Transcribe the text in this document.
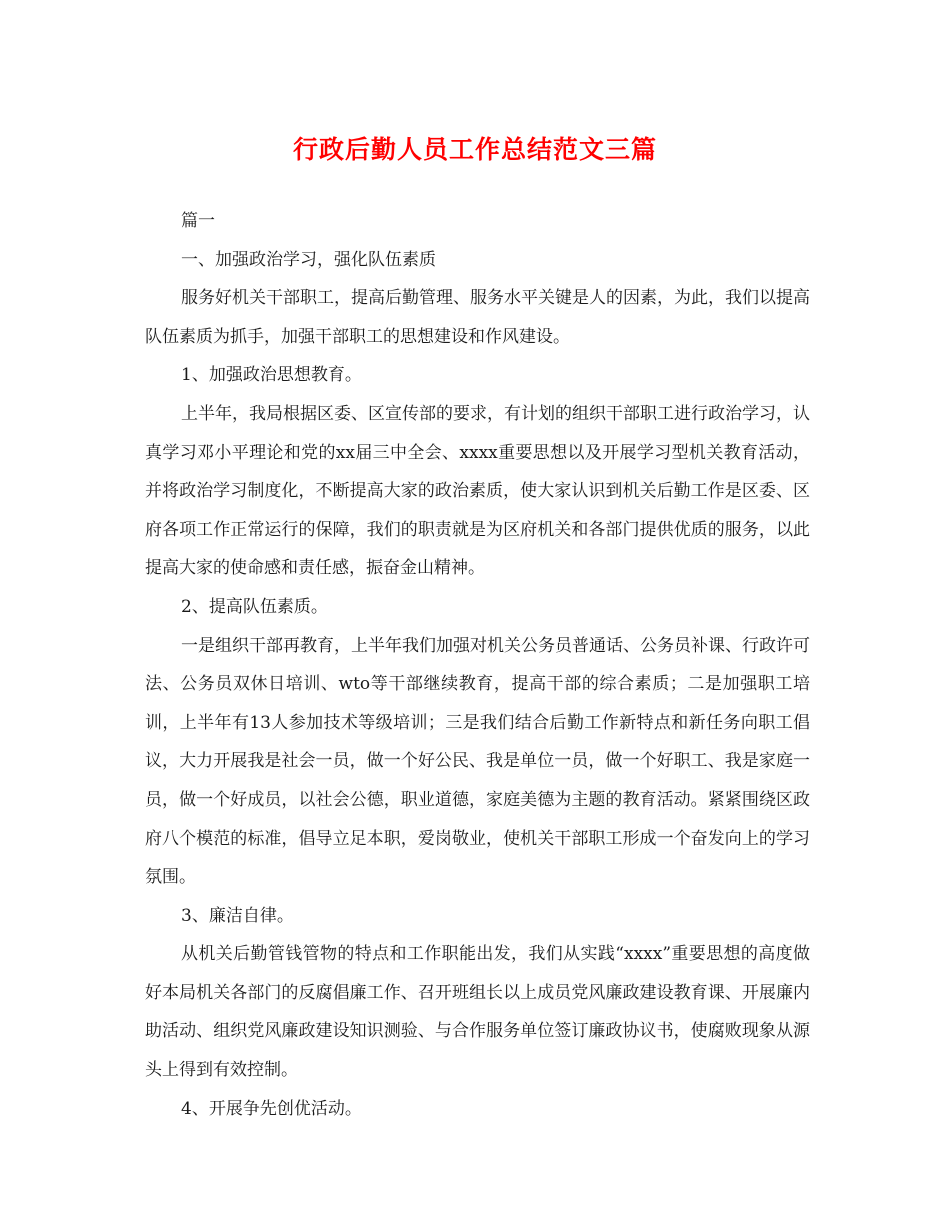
行政后勤人员工作总结范文三篇

篇一

一、加强政治学习，强化队伍素质

服务好机关干部职工，提高后勤管理、服务水平关键是人的因素，为此，我们以提高队伍素质为抓手，加强干部职工的思想建设和作风建设。

1、加强政治思想教育。

上半年，我局根据区委、区宣传部的要求，有计划的组织干部职工进行政治学习，认真学习邓小平理论和党的xx届三中全会、xxxx重要思想以及开展学习型机关教育活动，并将政治学习制度化，不断提高大家的政治素质，使大家认识到机关后勤工作是区委、区府各项工作正常运行的保障，我们的职责就是为区府机关和各部门提供优质的服务，以此提高大家的使命感和责任感，振奋金山精神。

2、提高队伍素质。

一是组织干部再教育，上半年我们加强对机关公务员普通话、公务员补课、行政许可法、公务员双休日培训、wto等干部继续教育，提高干部的综合素质；二是加强职工培训，上半年有13人参加技术等级培训；三是我们结合后勤工作新特点和新任务向职工倡议，大力开展我是社会一员，做一个好公民、我是单位一员，做一个好职工、我是家庭一员，做一个好成员，以社会公德，职业道德，家庭美德为主题的教育活动。紧紧围绕区政府八个模范的标准，倡导立足本职，爱岗敬业，使机关干部职工形成一个奋发向上的学习氛围。

3、廉洁自律。

从机关后勤管钱管物的特点和工作职能出发，我们从实践“xxxx”重要思想的高度做好本局机关各部门的反腐倡廉工作、召开班组长以上成员党风廉政建设教育课、开展廉内助活动、组织党风廉政建设知识测验、与合作服务单位签订廉政协议书，使腐败现象从源头上得到有效控制。

4、开展争先创优活动。
